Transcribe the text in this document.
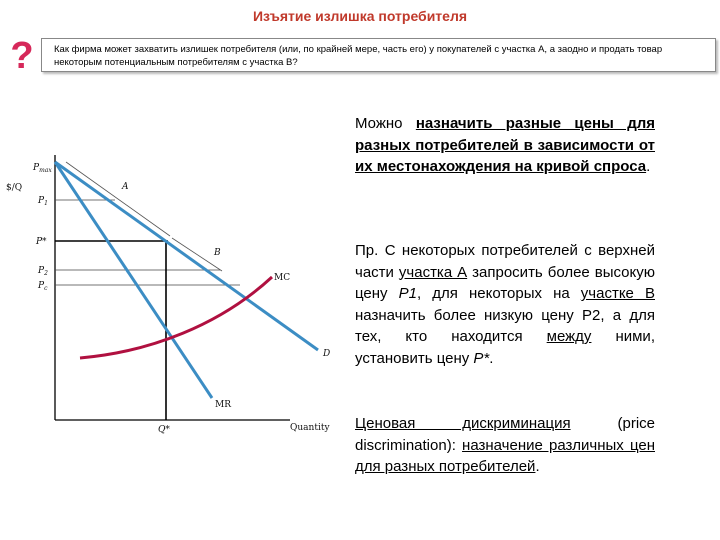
Изъятие излишка потребителя
?	Как фирма может захватить излишек потребителя (или, по крайней мере, часть его) у покупателей с участка А, а заодно и продать товар некоторым потенциальным потребителям с участка В?
$/Q
Quantity
$P_{max}$
$P_1$
P*
$P_2$
$P_c$
Q*
D
MR
MC
A
B
Можно назначить разные цены для разных потребителей в зависимости от их местонахождения на кривой спроса.
Пр. С некоторых потребителей с верхней части участка А запросить более высокую цену Р1, для некоторых на участке В назначить более низкую цену Р2, а для тех, кто находится между ними, установить цену Р*.
Ценовая дискриминация (price discrimination): назначение различных цен для разных потребителей.
